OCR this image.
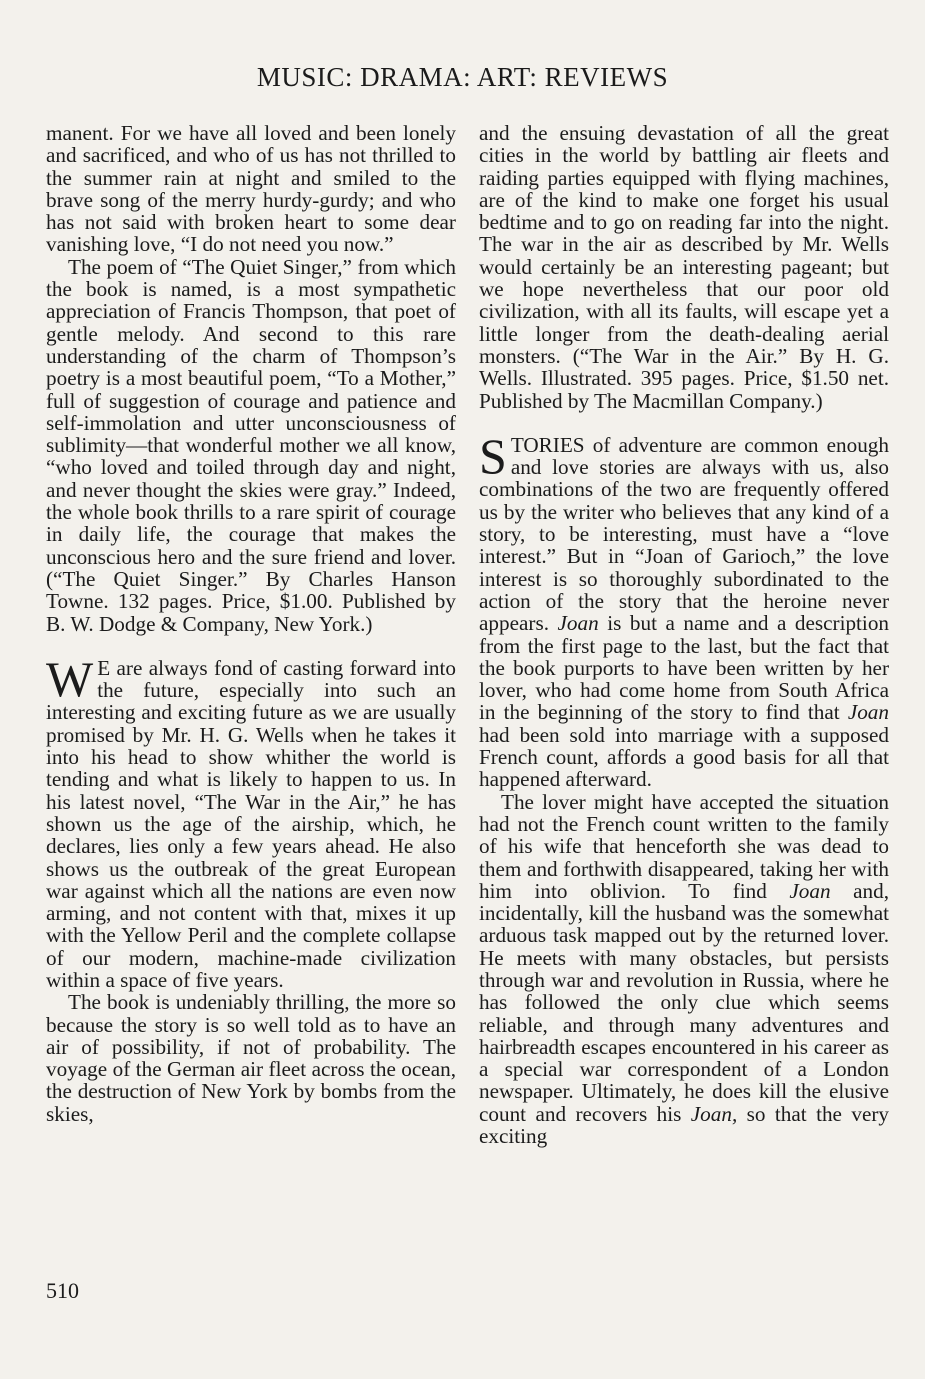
MUSIC: DRAMA: ART: REVIEWS

manent. For we have all loved and been lonely and sacrificed, and who of us has not thrilled to the summer rain at night and smiled to the brave song of the merry hurdy-gurdy; and who has not said with broken heart to some dear vanishing love, “I do not need you now.”

The poem of “The Quiet Singer,” from which the book is named, is a most sympathetic appreciation of Francis Thompson, that poet of gentle melody. And second to this rare understanding of the charm of Thompson’s poetry is a most beautiful poem, “To a Mother,” full of suggestion of courage and patience and self-immolation and utter unconsciousness of sublimity—that wonderful mother we all know, “who loved and toiled through day and night, and never thought the skies were gray.” Indeed, the whole book thrills to a rare spirit of courage in daily life, the courage that makes the unconscious hero and the sure friend and lover. (“The Quiet Singer.” By Charles Hanson Towne. 132 pages. Price, $1.00. Published by B. W. Dodge & Company, New York.)

W E are always fond of casting forward into the future, especially into such an interesting and exciting future as we are usually promised by Mr. H. G. Wells when he takes it into his head to show whither the world is tending and what is likely to happen to us. In his latest novel, “The War in the Air,” he has shown us the age of the airship, which, he declares, lies only a few years ahead. He also shows us the outbreak of the great European war against which all the nations are even now arming, and not content with that, mixes it up with the Yellow Peril and the complete collapse of our modern, machine-made civilization within a space of five years.

The book is undeniably thrilling, the more so because the story is so well told as to have an air of possibility, if not of probability. The voyage of the German air fleet across the ocean, the destruction of New York by bombs from the skies,

and the ensuing devastation of all the great cities in the world by battling air fleets and raiding parties equipped with flying machines, are of the kind to make one forget his usual bedtime and to go on reading far into the night. The war in the air as described by Mr. Wells would certainly be an interesting pageant; but we hope nevertheless that our poor old civilization, with all its faults, will escape yet a little longer from the death-dealing aerial monsters. (“The War in the Air.” By H. G. Wells. Illustrated. 395 pages. Price, $1.50 net. Published by The Macmillan Company.)

STORIES of adventure are common enough and love stories are always with us, also combinations of the two are frequently offered us by the writer who believes that any kind of a story, to be interesting, must have a “love interest.” But in “Joan of Garioch,” the love interest is so thoroughly subordinated to the action of the story that the heroine never appears. Joan is but a name and a description from the first page to the last, but the fact that the book purports to have been written by her lover, who had come home from South Africa in the beginning of the story to find that Joan had been sold into marriage with a supposed French count, affords a good basis for all that happened afterward.

The lover might have accepted the situation had not the French count written to the family of his wife that henceforth she was dead to them and forthwith disappeared, taking her with him into oblivion. To find Joan and, incidentally, kill the husband was the somewhat arduous task mapped out by the returned lover. He meets with many obstacles, but persists through war and revolution in Russia, where he has followed the only clue which seems reliable, and through many adventures and hairbreadth escapes encountered in his career as a special war correspondent of a London newspaper. Ultimately, he does kill the elusive count and recovers his Joan, so that the very exciting

510
